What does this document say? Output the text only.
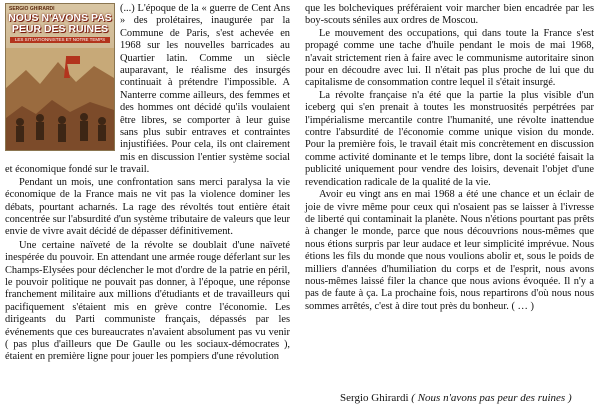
SERGIO GHIRARDI
NOUS N'AVONS PAS PEUR DES RUINES
LES SITUATIONNISTES ET NOTRE TEMPS

(...) L'époque de la « guerre de Cent Ans » des prolétaires, inaugurée par la Commune de Paris, s'est achevée en 1968 sur les nouvelles barricades au Quartier latin. Comme un siècle auparavant, le réalisme des insurgés continuait à prétendre l'impossible. A Nanterre comme ailleurs, des femmes et des hommes ont décidé qu'ils voulaient être libres, se comporter à leur guise sans plus subir entraves et contraintes injustifiées. Pour cela, ils ont clairement mis en discussion l'entier système social et économique fondé sur le travail.

Pendant un mois, une confrontation sans merci paralysa la vie économique de la France mais ne vit pas la violence dominer les débats, pourtant acharnés. La rage des révoltés tout entière était concentrée sur l'absurdité d'un système tributaire de valeurs que leur envie de vivre avait décidé de dépasser définitivement.

Une certaine naïveté de la révolte se doublait d'une naïveté inespérée du pouvoir. En attendant une armée rouge déferlant sur les Champs-Elysées pour déclencher le mot d'ordre de la patrie en péril, le pouvoir politique ne pouvait pas donner, à l'époque, une réponse franchement militaire aux millions d'étudiants et de travailleurs qui pacifiquement s'étaient mis en grève contre l'économie. Les dirigeants du Parti communiste français, dépassés par les événements que ces bureaucrates n'avaient absolument pas vu venir ( pas plus d'ailleurs que De Gaulle ou les sociaux-démocrates ), étaient en première ligne pour jouer les pompiers d'une révolution

que les bolcheviques préféraient voir marcher bien encadrée par les boy-scouts séniles aux ordres de Moscou.

Le mouvement des occupations, qui dans toute la France s'est propagé comme une tache d'huile pendant le mois de mai 1968, n'avait strictement rien à faire avec le communisme autoritaire sinon pour en découdre avec lui. Il n'était pas plus proche de lui que du capitalisme de consommation contre lequel il s'était insurgé.

La révolte française n'a été que la partie la plus visible d'un iceberg qui s'en prenait à toutes les monstruosités perpétrées par l'impérialisme mercantile contre l'humanité, une révolte inattendue contre l'absurdité de l'économie comme unique vision du monde. Pour la première fois, le travail était mis concrètement en discussion comme activité dominante et le temps libre, dont la société faisait la publicité uniquement pour vendre des loisirs, devenait l'objet d'une revendication radicale de la qualité de la vie.

Avoir eu vingt ans en mai 1968 a été une chance et un éclair de joie de vivre même pour ceux qui n'osaient pas se laisser à l'ivresse de liberté qui contaminait la planète. Nous n'étions pourtant pas prêts à changer le monde, parce que nous découvrions nous-mêmes que nous étions surpris par leur audace et leur simplicité imprévue. Nous étions les fils du monde que nous voulions abolir et, sous le poids de milliers d'années d'humiliation du corps et de l'esprit, nous avons nous-mêmes laissé filer la chance que nous avions évoquée. Il n'y a pas de faute à ça. La prochaine fois, nous repartirons d'où nous nous sommes arrêtés, c'est à dire tout près du bonheur. ( … )

Sergio Ghirardi ( Nous n'avons pas peur des ruines )
